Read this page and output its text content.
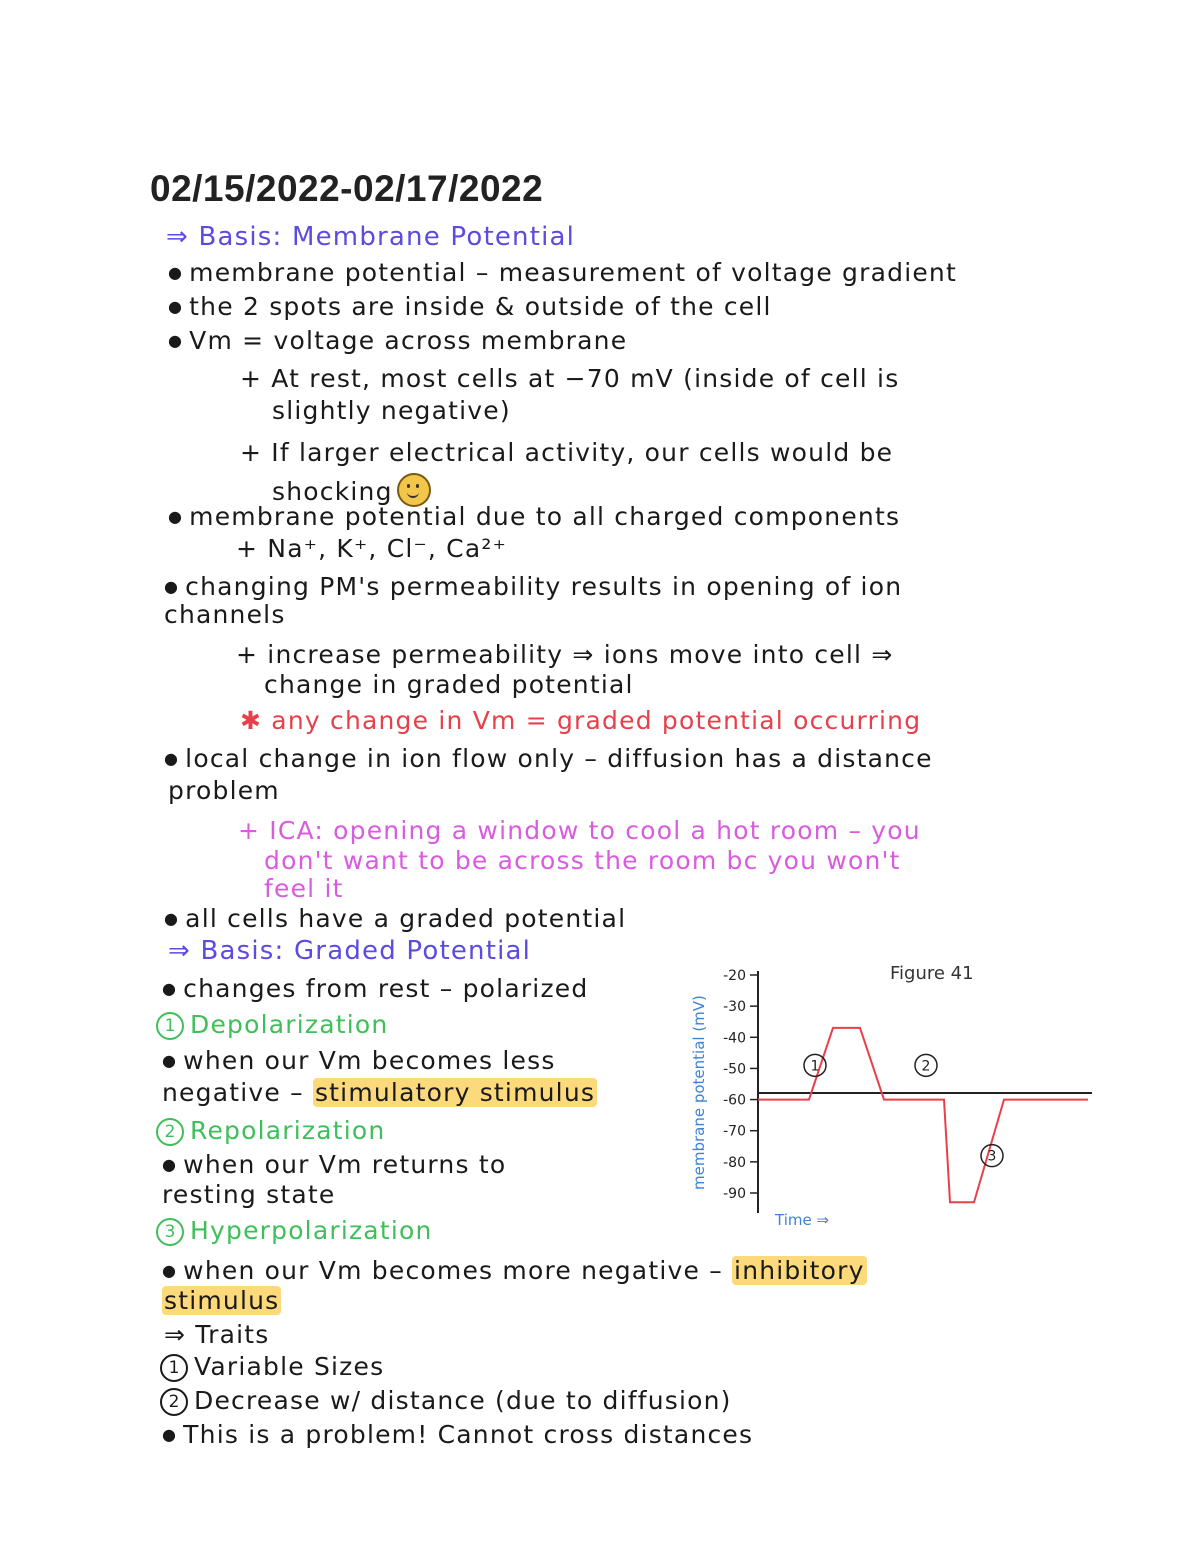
02/15/2022-02/17/2022
⇒ Basis: Membrane Potential
● membrane potential – measurement of voltage gradient
● the 2 spots are inside & outside of the cell
● Vm = voltage across membrane
+ At rest, most cells at −70 mV (inside of cell is
slightly negative)
+ If larger electrical activity, our cells would be
shocking
● membrane potential due to all charged components
+ Na⁺, K⁺, Cl⁻, Ca²⁺
● changing PM's permeability results in opening of ion
channels
+ increase permeability ⇒ ions move into cell ⇒
change in graded potential
✱ any change in Vm = graded potential occurring
● local change in ion flow only – diffusion has a distance
problem
+ ICA: opening a window to cool a hot room – you
don't want to be across the room bc you won't
feel it
● all cells have a graded potential
⇒ Basis: Graded Potential
● changes from rest – polarized
1 Depolarization
● when our Vm becomes less
negative – stimulatory stimulus
2 Repolarization
● when our Vm returns to
resting state
3 Hyperpolarization
● when our Vm becomes more negative – inhibitory
stimulus
⇒ Traits
1 Variable Sizes
2 Decrease w/ distance (due to diffusion)
● This is a problem! Cannot cross distances
Figure 41
membrane potential (mV)
Time ⇒
-20
-30
-40
-50
-60
-70
-80
-90
1	2
3
